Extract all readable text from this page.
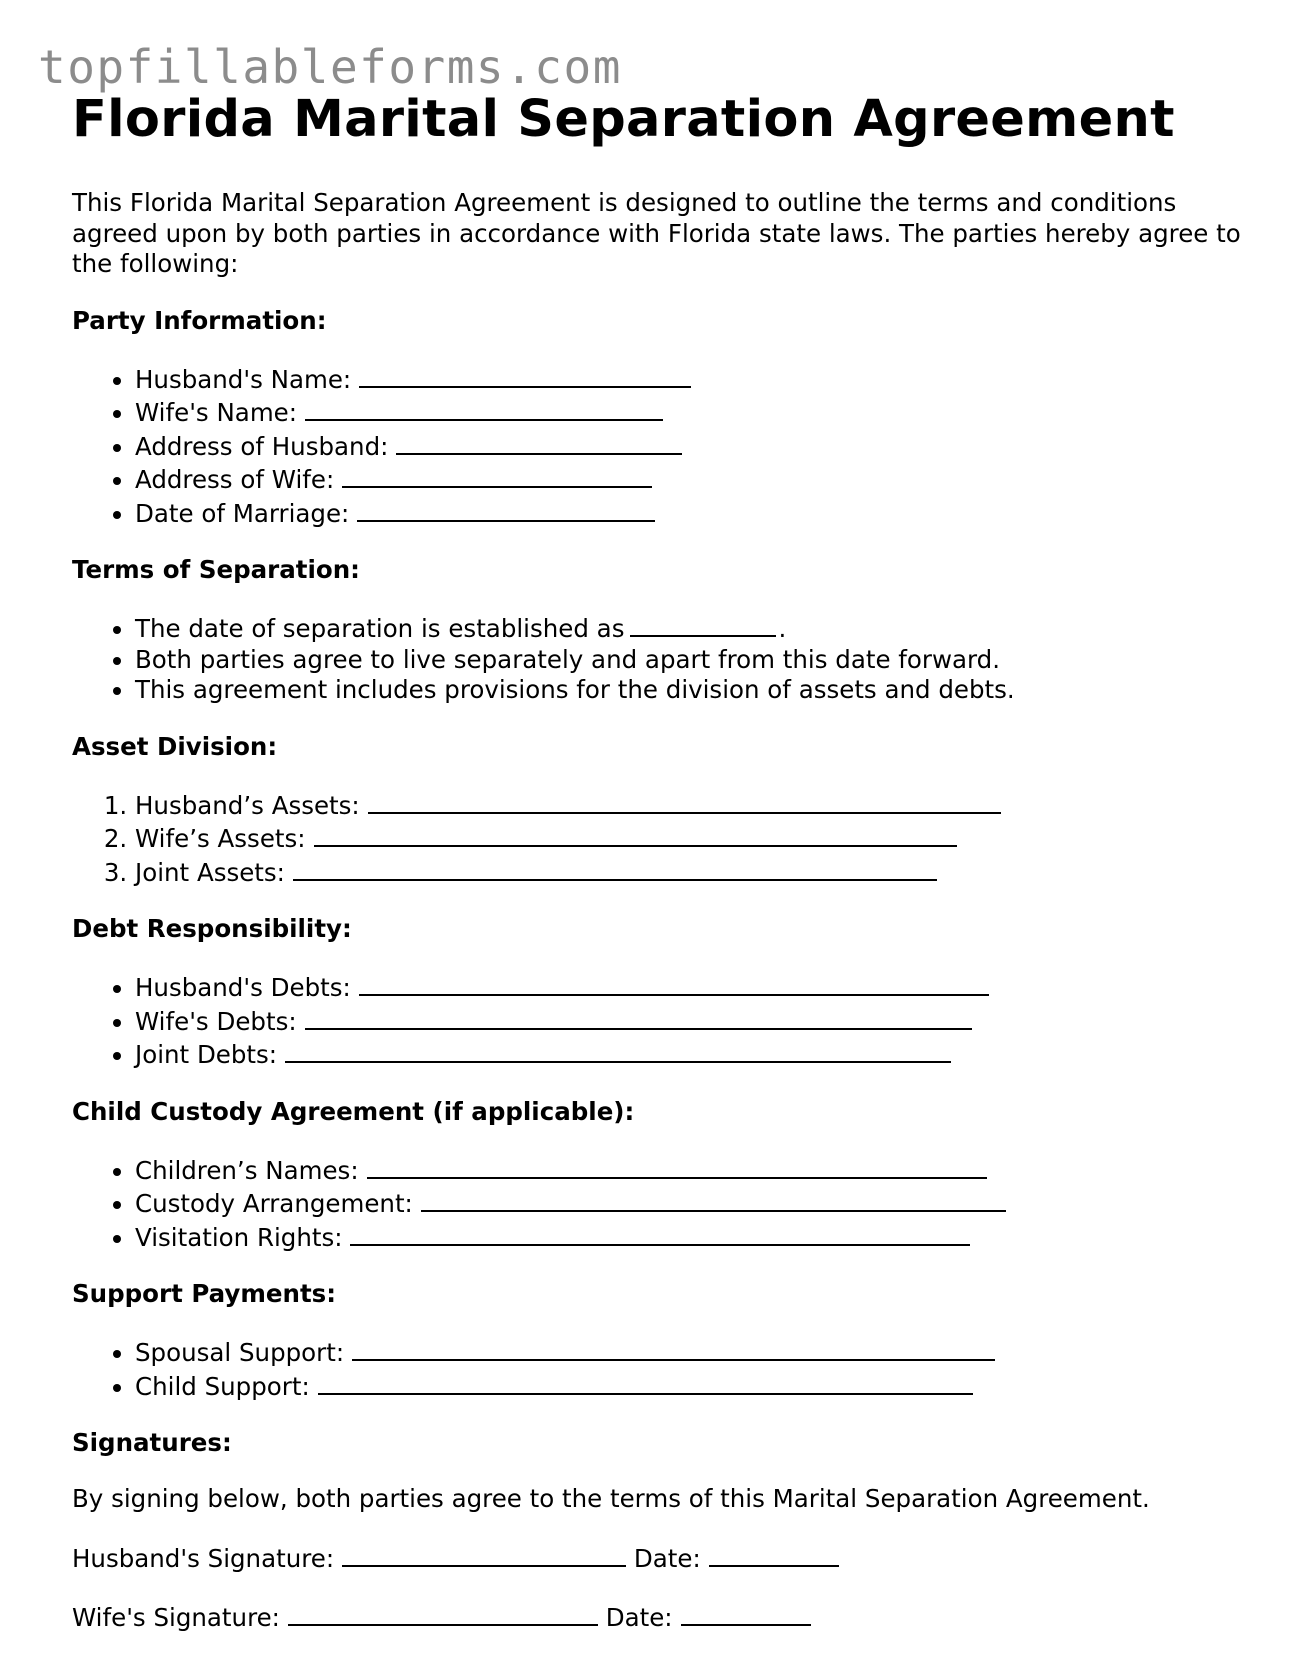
topfillableforms.com
Florida Marital Separation Agreement

This Florida Marital Separation Agreement is designed to outline the terms and conditions agreed upon by both parties in accordance with Florida state laws. The parties hereby agree to the following:

Party Information:
• Husband's Name:
• Wife's Name:
• Address of Husband:
• Address of Wife:
• Date of Marriage:
Terms of Separation:
• The date of separation is established as	.
• Both parties agree to live separately and apart from this date forward.
• This agreement includes provisions for the division of assets and debts.
Asset Division:
1. Husband’s Assets:
2. Wife’s Assets:
3. Joint Assets:
Debt Responsibility:
• Husband's Debts:
• Wife's Debts:
• Joint Debts:
Child Custody Agreement (if applicable):
• Children’s Names:
• Custody Arrangement:
• Visitation Rights:
Support Payments:
• Spousal Support:
• Child Support:
Signatures:

By signing below, both parties agree to the terms of this Marital Separation Agreement.

Husband's Signature:	Date:
Wife's Signature:	Date:
